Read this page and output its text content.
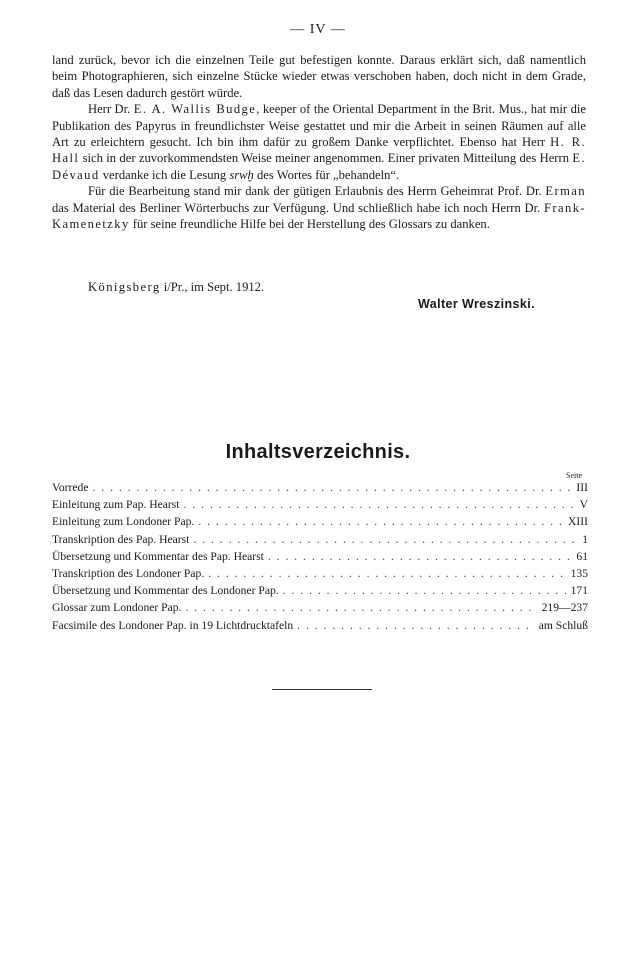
— IV —

land zurück, bevor ich die einzelnen Teile gut befestigen konnte. Daraus erklärt sich, daß namentlich beim Photographieren, sich einzelne Stücke wieder etwas verschoben haben, doch nicht in dem Grade, daß das Lesen dadurch gestört würde.

Herr Dr. E. A. Wallis Budge, keeper of the Oriental Department in the Brit. Mus., hat mir die Publikation des Papyrus in freundlichster Weise gestattet und mir die Arbeit in seinen Räumen auf alle Art zu erleichtern gesucht. Ich bin ihm dafür zu großem Danke verpflichtet. Ebenso hat Herr H. R. Hall sich in der zuvorkommendsten Weise meiner angenommen. Einer privaten Mitteilung des Herrn E. Dévaud verdanke ich die Lesung srwḫ des Wortes für „behandeln“.

Für die Bearbeitung stand mir dank der gütigen Erlaubnis des Herrn Geheimrat Prof. Dr. Erman das Material des Berliner Wörterbuchs zur Verfügung. Und schließlich habe ich noch Herrn Dr. Frank-Kamenetzky für seine freundliche Hilfe bei der Herstellung des Glossars zu danken.

Königsberg i/Pr., im Sept. 1912.
Walter Wreszinski.
Inhaltsverzeichnis.
Seite
Vorrede . . .	III
Einleitung zum Pap. Hearst . . .	V
Einleitung zum Londoner Pap. . . .	XIII
Transkription des Pap. Hearst . . .	1
Übersetzung und Kommentar des Pap. Hearst . . .	61
Transkription des Londoner Pap. . . .	135
Übersetzung und Kommentar des Londoner Pap. . . .	171
Glossar zum Londoner Pap. . . .	219—237
Facsimile des Londoner Pap. in 19 Lichtdrucktafeln . . .	am Schluß
